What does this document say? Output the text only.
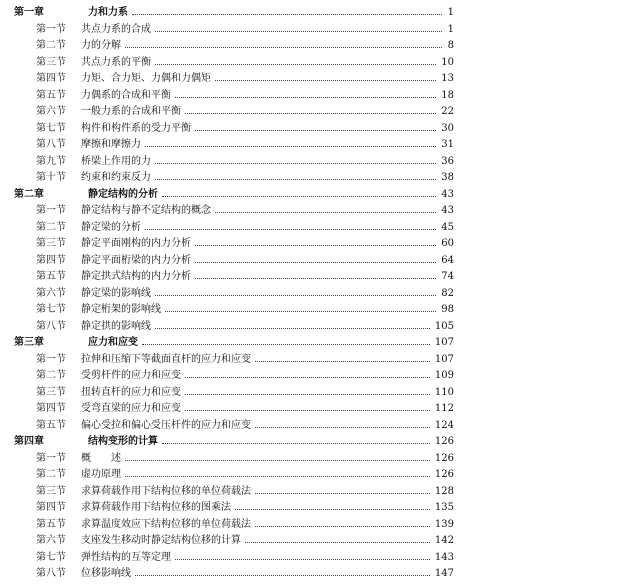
第一章	力和力系	1
第一节 共点力系的合成	1
第二节 力的分解	8
第三节 共点力系的平衡	10
第四节 力矩、合力矩、力偶和力偶矩	13
第五节 力偶系的合成和平衡	18
第六节 一般力系的合成和平衡	22
第七节 构件和构件系的受力平衡	30
第八节 摩擦和摩擦力	31
第九节 桥梁上作用的力	36
第十节 约束和约束反力	38
第二章	静定结构的分析	43
第一节 静定结构与静不定结构的概念	43
第二节 静定梁的分析	45
第三节 静定平面刚构的内力分析	60
第四节 静定平面桁梁的内力分析	64
第五节 静定拱式结构的内力分析	74
第六节 静定梁的影响线	82
第七节 静定桁架的影响线	98
第八节 静定拱的影响线	105
第三章	应力和应变	107
第一节 拉伸和压缩下等截面直杆的应力和应变	107
第二节 受剪杆件的应力和应变	109
第三节 扭转直杆的应力和应变	110
第四节 受弯直梁的应力和应变	112
第五节 偏心受拉和偏心受压杆件的应力和应变	124
第四章	结构变形的计算	126
第一节 概　　述	126
第二节 虚功原理	126
第三节 求算荷载作用下结构位移的单位荷载法	128
第四节 求算荷载作用下结构位移的图乘法	135
第五节 求算温度效应下结构位移的单位荷载法	139
第六节 支座发生移动时静定结构位移的计算	142
第七节 弹性结构的互等定理	143
第八节 位移影响线	147
